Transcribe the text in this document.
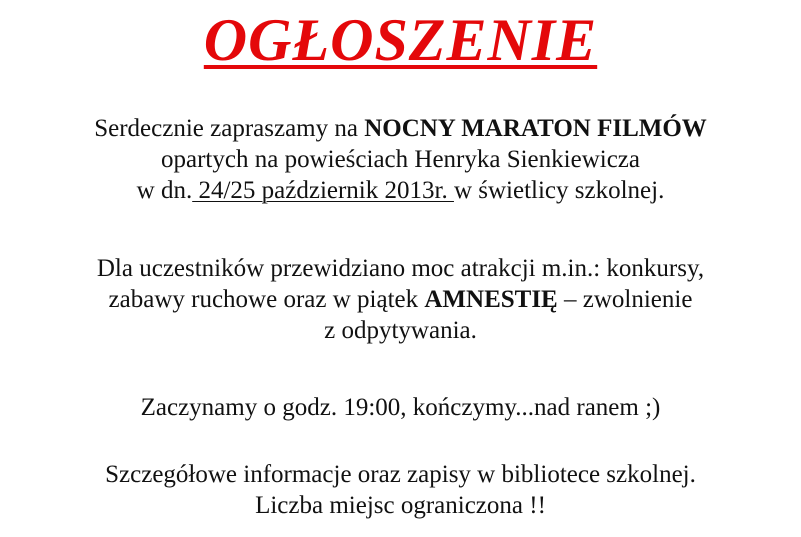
OGŁOSZENIE

Serdecznie zapraszamy na NOCNY MARATON FILMÓW
opartych na powieściach Henryka Sienkiewicza
w dn. 24/25 październik 2013r. w świetlicy szkolnej.

Dla uczestników przewidziano moc atrakcji m.in.: konkursy,
zabawy ruchowe oraz w piątek AMNESTIĘ – zwolnienie
z odpytywania.

Zaczynamy o godz. 19:00, kończymy...nad ranem ;)

Szczegółowe informacje oraz zapisy w bibliotece szkolnej.
Liczba miejsc ograniczona !!
